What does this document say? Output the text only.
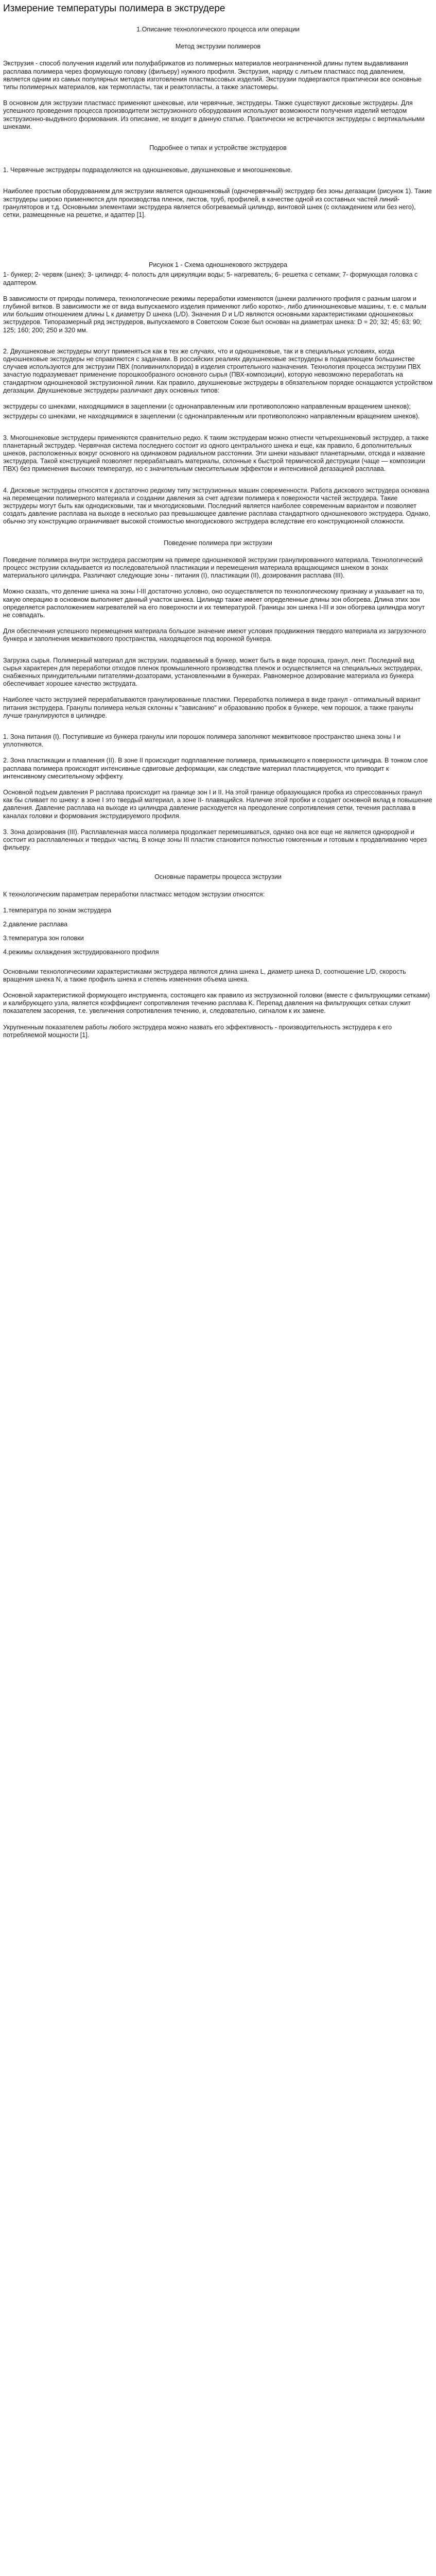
Измерение температуры полимера в экструдере
1.Описание технологического процесса или операции
Метод экструзии полимеров

Экструзия - способ получения изделий или полуфабрикатов из полимерных материалов неограниченной длины путем выдавливания расплава полимера через формующую головку (фильеру) нужного профиля. Экструзия, наряду с литьем пластмасс под давлением, является одним из самых популярных методов изготовления пластмассовых изделий. Экструзии подвергаются практически все основные типы полимерных материалов, как термопласты, так и реактопласты, а также эластомеры.

В основном для экструзии пластмасс применяют шнековые, или червячные, экструдеры. Также существуют дисковые экструдеры. Для успешного проведения процесса производители экструзионного оборудования используют возможности получения изделий методом экструзионно-выдувного формования. Из описание, не входит в данную статью. Практически не встречаются экструдеры с вертикальными шнеками.

Подробнее о типах и устройстве экструдеров

1. Червячные экструдеры подразделяются на одношнековые, двухшнековые и многошнековые.

Наиболее простым оборудованием для экструзии является одношнековый (одночервячный) экструдер без зоны дегазации (рисунок 1). Такие экструдеры широко применяются для производства пленок, листов, труб, профилей, в качестве одной из составных частей линий-грануляторов и т.д. Основными элементами экструдера является обогреваемый цилиндр, винтовой шнек (с охлаждением или без него), сетки, размещенные на решетке, и адаптер [1].

Рисунок 1 - Схема одношнекового экструдера

1- бункер; 2- червяк (шнек); 3- цилиндр; 4- полость для циркуляции воды; 5- нагреватель; 6- решетка с сетками; 7- формующая головка с адаптером.

В зависимости от природы полимера, технологические режимы переработки изменяются (шнеки различного профиля с разным шагом и глубиной витков. В зависимости же от вида выпускаемого изделия применяют либо коротко-, либо длинношнековые машины, т. е. с малым или большим отношением длины L к диаметру D шнека (L/D). Значения D и L/D являются основными характеристиками одношнековых экструдеров. Типоразмерный ряд экструдеров, выпускаемого в Советском Союзе был основан на диаметрах шнека: D = 20; 32; 45; 63; 90; 125; 160; 200; 250 и 320 мм.

2. Двухшнековые экструдеры могут применяться как в тех же случаях, что и одношнековые, так и в специальных условиях, когда одношнековые экструдеры не справляются с задачами. В российских реалиях двухшнековые экструдеры в подавляющем большинстве случаев используются для экструзии ПВХ (поливинилхлорида) в изделия строительного назначения. Технология процесса экструзии ПВХ зачастую подразумевает применение порошкообразного основного сырья (ПВХ-композиции), которую невозможно переработать на стандартном одношнековой экструзионной линии. Как правило, двухшнековые экструдеры в обязательном порядке оснащаются устройством дегазации. Двухшнековые экструдеры различают двух основных типов:

экструдеры со шнеками, находящимися в зацеплении (с однонаправленным или противоположно направленным вращением шнеков);

экструдеры со шнеками, не находящимися в зацеплении (с однонаправленным или противоположно направленным вращением шнеков).

3. Многошнековые экструдеры применяются сравнительно редко. К таким экструдерам можно отнести четырехшнековый экструдер, а также планетарный экструдер. Червячная система последнего состоит из одного центрального шнека и еще, как правило, 6 дополнительных шнеков, расположенных вокруг основного на одинаковом радиальном расстоянии. Эти шнеки называют планетарными, отсюда и название экструдера. Такой конструкцией позволяет перерабатывать материалы, склонные к быстрой термической деструкции (чаще — композиции ПВХ) без применения высоких температур, но с значительным смесительным эффектом и интенсивной дегазацией расплава.

4. Дисковые экструдеры относятся к достаточно редкому типу экструзионных машин современности. Работа дискового экструдера основана на перемещении полимерного материала и создании давления за счет адгезии полимера к поверхности частей экструдера. Такие экструдеры могут быть как однодисковыми, так и многодисковыми. Последний является наиболее современным вариантом и позволяет создать давление расплава на выходе в несколько раз превышающее давление расплава стандартного одношнекового экструдера. Однако, обычно эту конструкцию ограничивает высокой стоимостью многодискового экструдера вследствие его конструкционной сложности.

Поведение полимера при экструзии

Поведение полимера внутри экструдера рассмотрим на примере одношнековой экструзии гранулированного материала. Технологический процесс экструзии складывается из последовательной пластикации и перемещения материала вращающимся шнеком в зонах материального цилиндра. Различают следующие зоны - питания (I), пластикации (II), дозирования расплава (III).

Можно сказать, что деление шнека на зоны I-III достаточно условно, оно осуществляется по технологическому признаку и указывает на то, какую операцию в основном выполняет данный участок шнека. Цилиндр также имеет определенные длины зон обогрева. Длина этих зон определяется расположением нагревателей на его поверхности и их температурой. Границы зон шнека I-III и зон обогрева цилиндра могут не совпадать.

Для обеспечения успешного перемещения материала большое значение имеют условия продвижения твердого материала из загрузочного бункера и заполнения межвиткового пространства, находящегося под воронкой бункера.

Загрузка сырья. Полимерный материал для экструзии, подаваемый в бункер, может быть в виде порошка, гранул, лент. Последний вид сырья характерен для переработки отходов пленок промышленного производства пленок и осуществляется на специальных экструдерах, снабженных принудительными питателями-дозаторами, установленными в бункерах. Равномерное дозирование материала из бункера обеспечивает хорошее качество экструдата.

Наиболее часто экструзией перерабатываются гранулированные пластики. Переработка полимера в виде гранул - оптимальный вариант питания экструдера. Гранулы полимера нельзя склонны к "зависанию" и образованию пробок в бункере, чем порошок, а также гранулы лучше гранулируются в цилиндре.

1. Зона питания (I). Поступившие из бункера гранулы или порошок полимера заполняют межвитковое пространство шнека зоны I и уплотняются.

2. Зона пластикации и плавления (II). В зоне II происходит подплавление полимера, примыкающего к поверхности цилиндра. В тонком слое расплава полимера происходят интенсивные сдвиговые деформации, как следствие материал пластицируется, что приводит к интенсивному смесительному эффекту.

Основной подъем давления Р расплава происходит на границе зон I и II. На этой границе образующаяся пробка из спрессованных гранул как бы сливает по шнеку: в зоне I это твердый материал, а зоне II- плавящийся. Наличие этой пробки и создает основной вклад в повышение давления. Давление расплава на выходе из цилиндра давление расходуется на преодоление сопротивления сетки, течения расплава в каналах головки и формования экструдируемого профиля.

3. Зона дозирования (III). Расплавленная масса полимера продолжает перемешиваться, однако она все еще не является однородной и состоит из расплавленных и твердых частиц. В конце зоны III пластик становится полностью гомогенным и готовым к продавливанию через фильеру.

Основные параметры процесса экструзии

К технологическим параметрам переработки пластмасс методом экструзии относятся:

1.температура по зонам экструдера
2.давление расплава
3.температура зон головки
4.режимы охлаждения экструдированного профиля

Основными технологическими характеристиками экструдера являются длина шнека L, диаметр шнека D, соотношение L/D, скорость вращения шнека N, а также профиль шнека и степень изменения объема шнека.

Основной характеристикой формующего инструмента, состоящего как правило из экструзионной головки (вместе с фильтрующими сетками) и калибрующего узла, является коэффициент сопротивления течению расплава K. Перепад давления на фильтрующих сетках служит показателем засорения, т.е. увеличения сопротивления течению, и, следовательно, сигналом к их замене.

Укрупненным показателем работы любого экструдера можно назвать его эффективность - производительность экструдера к его потребляемой мощности [1].
